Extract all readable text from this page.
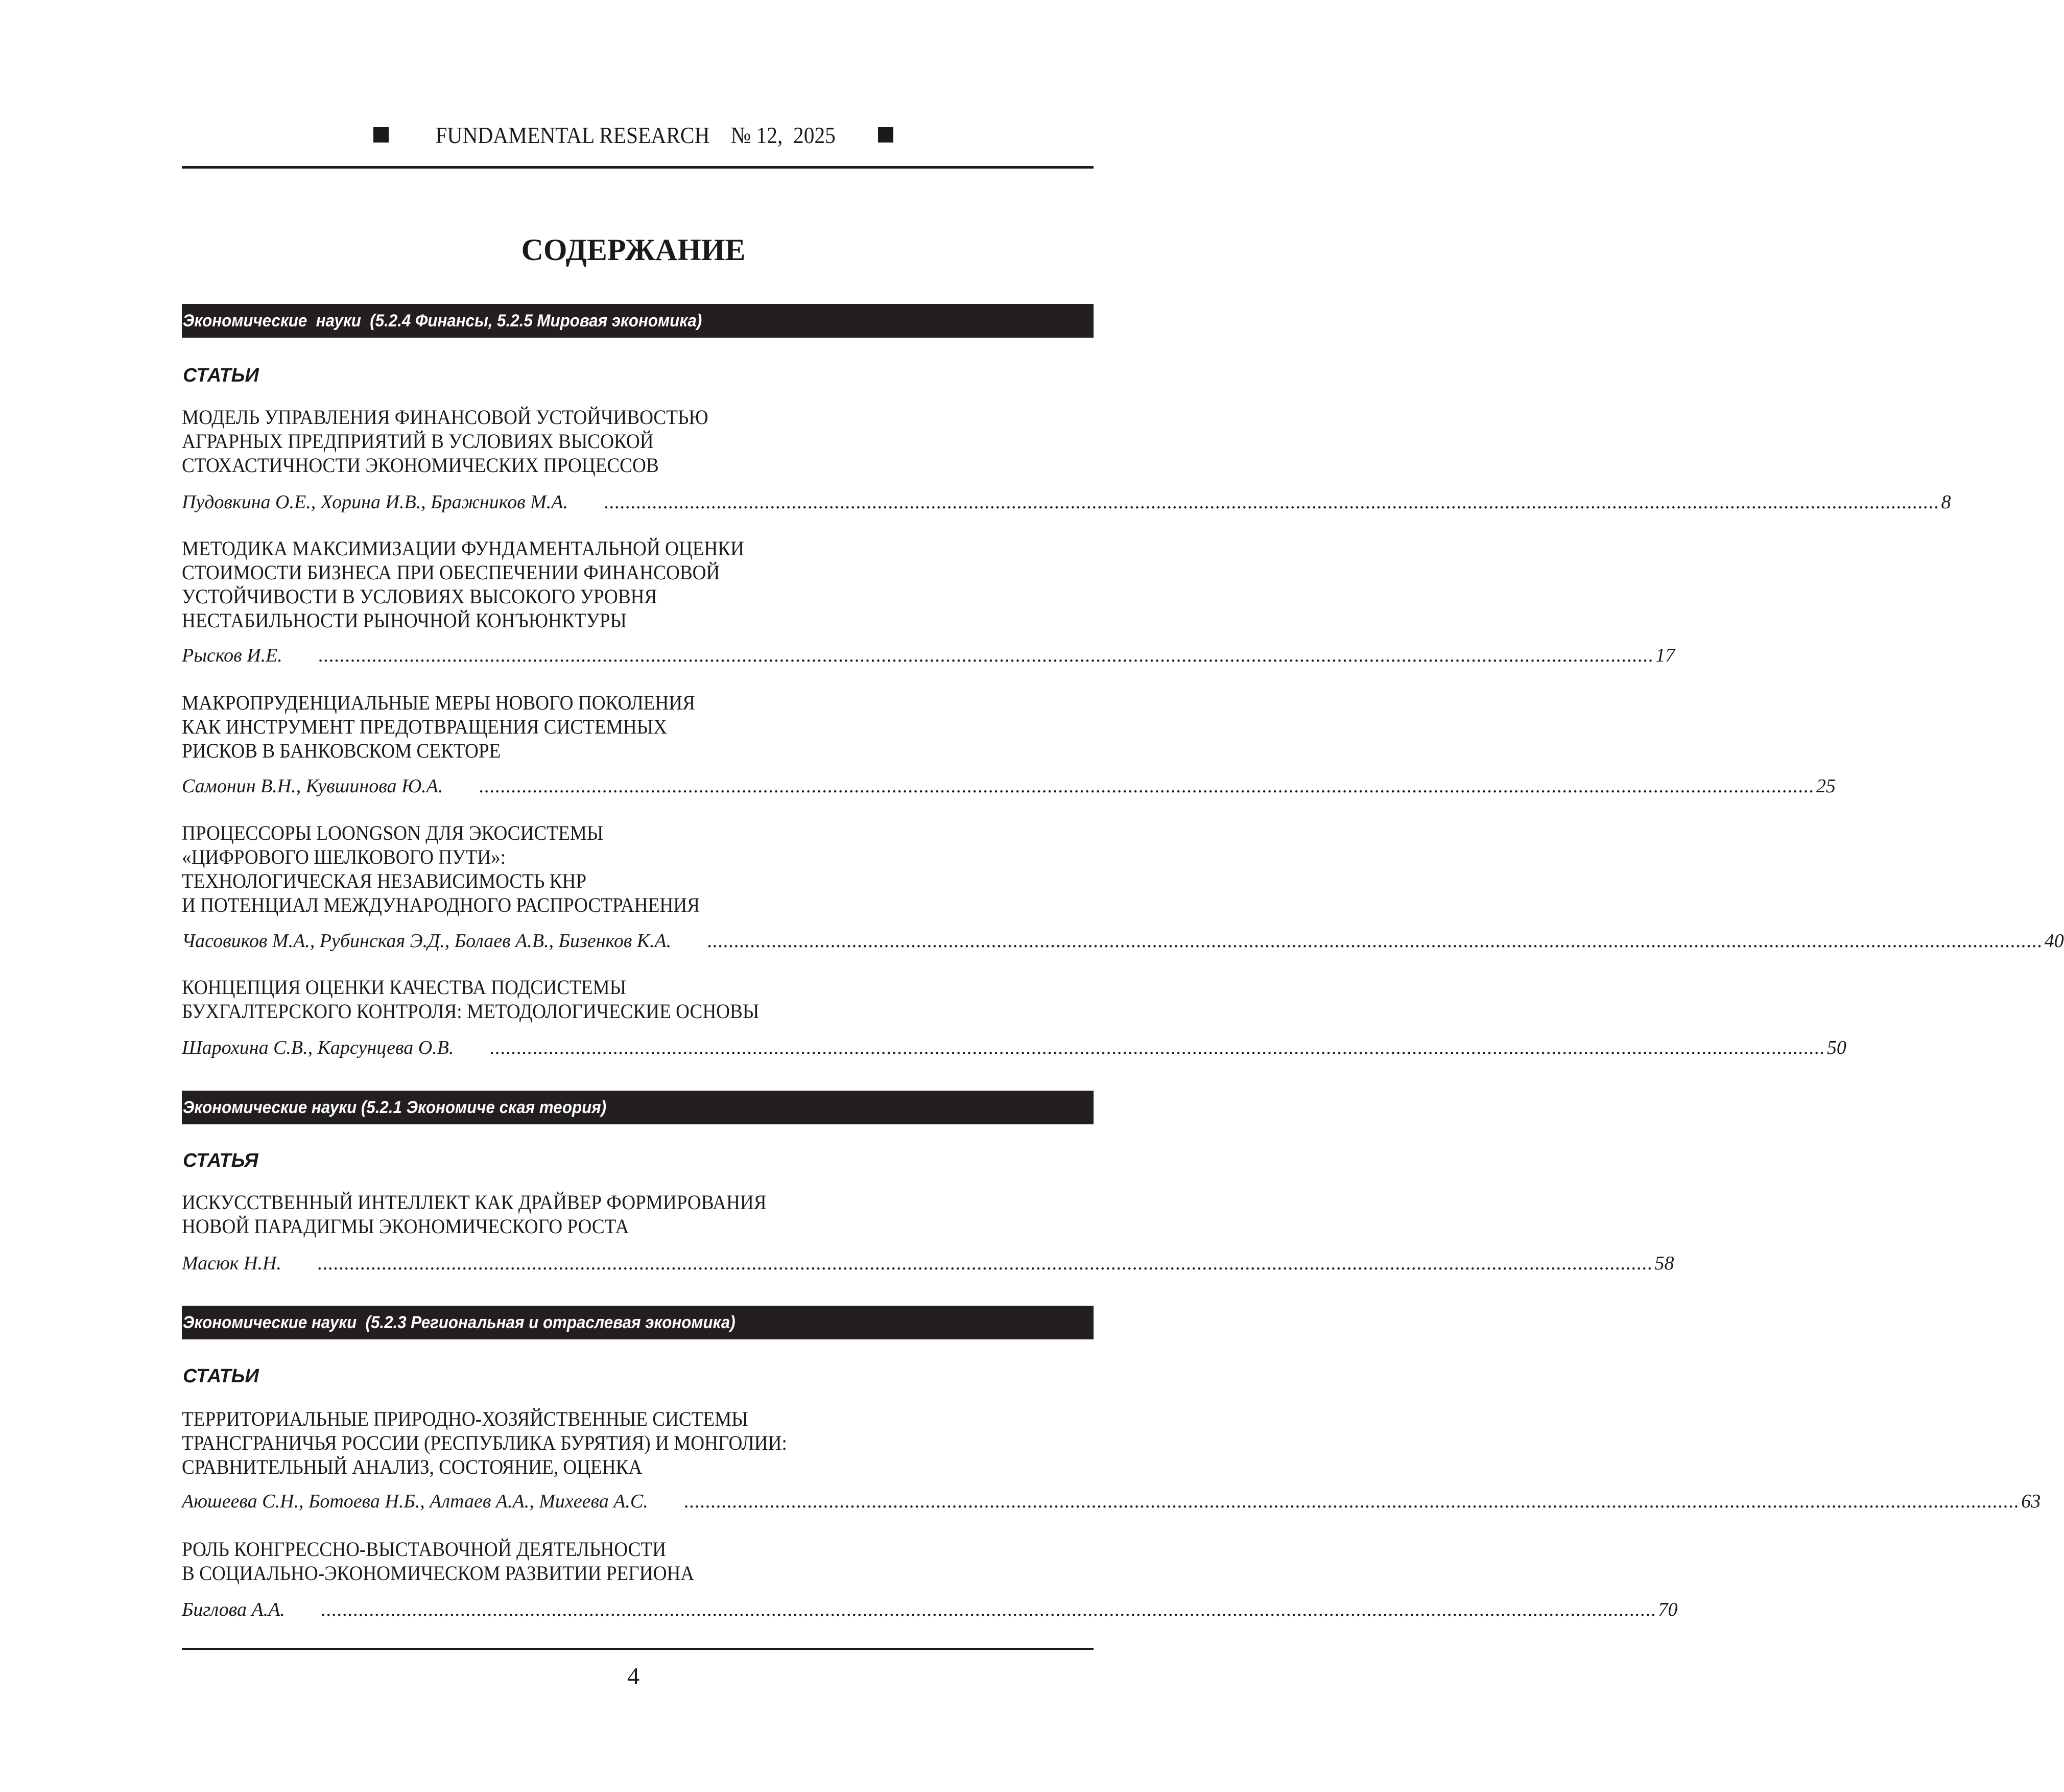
FUNDAMENTAL RESEARCH    № 12,  2025
СОДЕРЖАНИЕ
Экономические  науки  (5.2.4 Финансы, 5.2.5 Мировая экономика)
СТАТЬИ
МОДЕЛЬ УПРАВЛЕНИЯ ФИНАНСОВОЙ УСТОЙЧИВОСТЬЮ
АГРАРНЫХ ПРЕДПРИЯТИЙ В УСЛОВИЯХ ВЫСОКОЙ
СТОХАСТИЧНОСТИ ЭКОНОМИЧЕСКИХ ПРОЦЕССОВ
Пудовкина О.Е., Хорина И.В., Бражников М.А. ......................................................................................................................................................................................................................................................... 8
МЕТОДИКА МАКСИМИЗАЦИИ ФУНДАМЕНТАЛЬНОЙ ОЦЕНКИ
СТОИМОСТИ БИЗНЕСА ПРИ ОБЕСПЕЧЕНИИ ФИНАНСОВОЙ
УСТОЙЧИВОСТИ В УСЛОВИЯХ ВЫСОКОГО УРОВНЯ
НЕСТАБИЛЬНОСТИ РЫНОЧНОЙ КОНЪЮНКТУРЫ
Рысков И.Е. ......................................................................................................................................................................................................................................................... 17
МАКРОПРУДЕНЦИАЛЬНЫЕ МЕРЫ НОВОГО ПОКОЛЕНИЯ
КАК ИНСТРУМЕНТ ПРЕДОТВРАЩЕНИЯ СИСТЕМНЫХ
РИСКОВ В БАНКОВСКОМ СЕКТОРЕ
Самонин В.Н., Кувшинова Ю.А. ......................................................................................................................................................................................................................................................... 25
ПРОЦЕССОРЫ LOONGSON ДЛЯ ЭКОСИСТЕМЫ
«ЦИФРОВОГО ШЕЛКОВОГО ПУТИ»:
ТЕХНОЛОГИЧЕСКАЯ НЕЗАВИСИМОСТЬ КНР
И ПОТЕНЦИАЛ МЕЖДУНАРОДНОГО РАСПРОСТРАНЕНИЯ
Часовиков М.А., Рубинская Э.Д., Болаев А.В., Бизенков К.А. ......................................................................................................................................................................................................................................................... 40
КОНЦЕПЦИЯ ОЦЕНКИ КАЧЕСТВА ПОДСИСТЕМЫ
БУХГАЛТЕРСКОГО КОНТРОЛЯ: МЕТОДОЛОГИЧЕСКИЕ ОСНОВЫ
Шарохина С.В., Карсунцева О.В. ......................................................................................................................................................................................................................................................... 50
Экономические науки (5.2.1 Экономиче ская теория)
СТАТЬЯ
ИСКУССТВЕННЫЙ ИНТЕЛЛЕКТ КАК ДРАЙВЕР ФОРМИРОВАНИЯ
НОВОЙ ПАРАДИГМЫ ЭКОНОМИЧЕСКОГО РОСТА
Масюк Н.Н. ......................................................................................................................................................................................................................................................... 58
Экономические науки  (5.2.3 Региональная и отраслевая экономика)
СТАТЬИ
ТЕРРИТОРИАЛЬНЫЕ ПРИРОДНО-ХОЗЯЙСТВЕННЫЕ СИСТЕМЫ
ТРАНСГРАНИЧЬЯ РОССИИ (РЕСПУБЛИКА БУРЯТИЯ) И МОНГОЛИИ:
СРАВНИТЕЛЬНЫЙ АНАЛИЗ, СОСТОЯНИЕ, ОЦЕНКА
Аюшеева С.Н., Ботоева Н.Б., Алтаев А.А., Михеева А.С. ......................................................................................................................................................................................................................................................... 63
РОЛЬ КОНГРЕССНО-ВЫСТАВОЧНОЙ ДЕЯТЕЛЬНОСТИ
В СОЦИАЛЬНО-ЭКОНОМИЧЕСКОМ РАЗВИТИИ РЕГИОНА
Биглова А.А. ......................................................................................................................................................................................................................................................... 70
4
